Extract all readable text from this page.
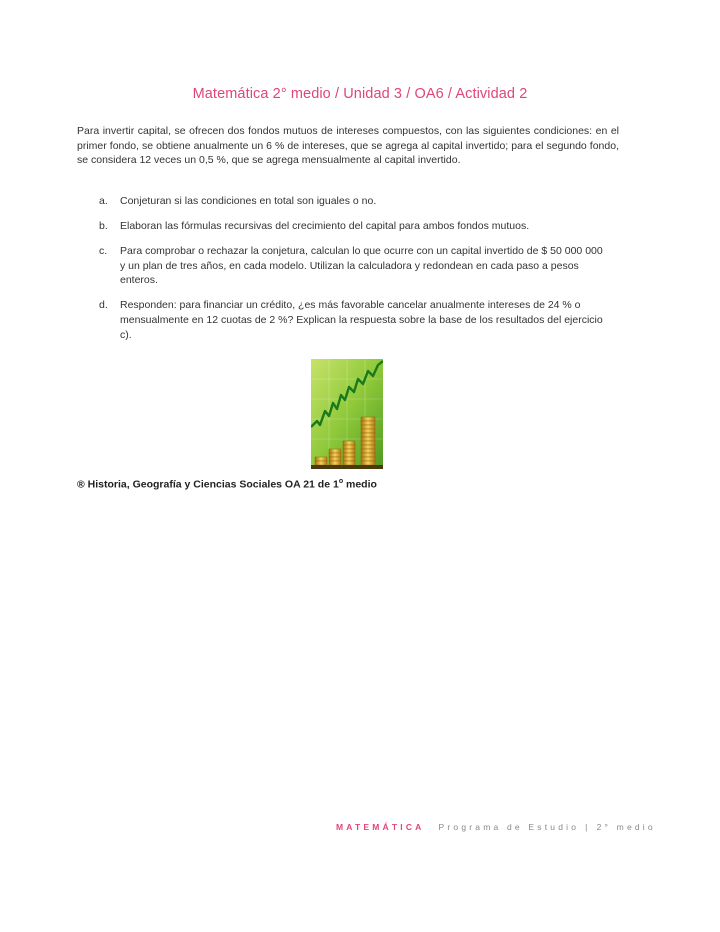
Matemática 2° medio / Unidad 3 / OA6 / Actividad 2
Para invertir capital, se ofrecen dos fondos mutuos de intereses compuestos, con las siguientes condiciones: en el primer fondo, se obtiene anualmente un 6 % de intereses, que se agrega al capital invertido; para el segundo fondo, se considera 12 veces un 0,5 %, que se agrega mensualmente al capital invertido.
a. Conjeturan si las condiciones en total son iguales o no.
b. Elaboran las fórmulas recursivas del crecimiento del capital para ambos fondos mutuos.
c. Para comprobar o rechazar la conjetura, calculan lo que ocurre con un capital invertido de $ 50 000 000 y un plan de tres años, en cada modelo. Utilizan la calculadora y redondean en cada paso a pesos enteros.
d. Responden: para financiar un crédito, ¿es más favorable cancelar anualmente intereses de 24 % o mensualmente en 12 cuotas de 2 %? Explican la respuesta sobre la base de los resultados del ejercicio c).
® Historia, Geografía y Ciencias Sociales OA 21 de 1$^o$ medio
MATEMÁTICA Programa de Estudio | 2° medio
